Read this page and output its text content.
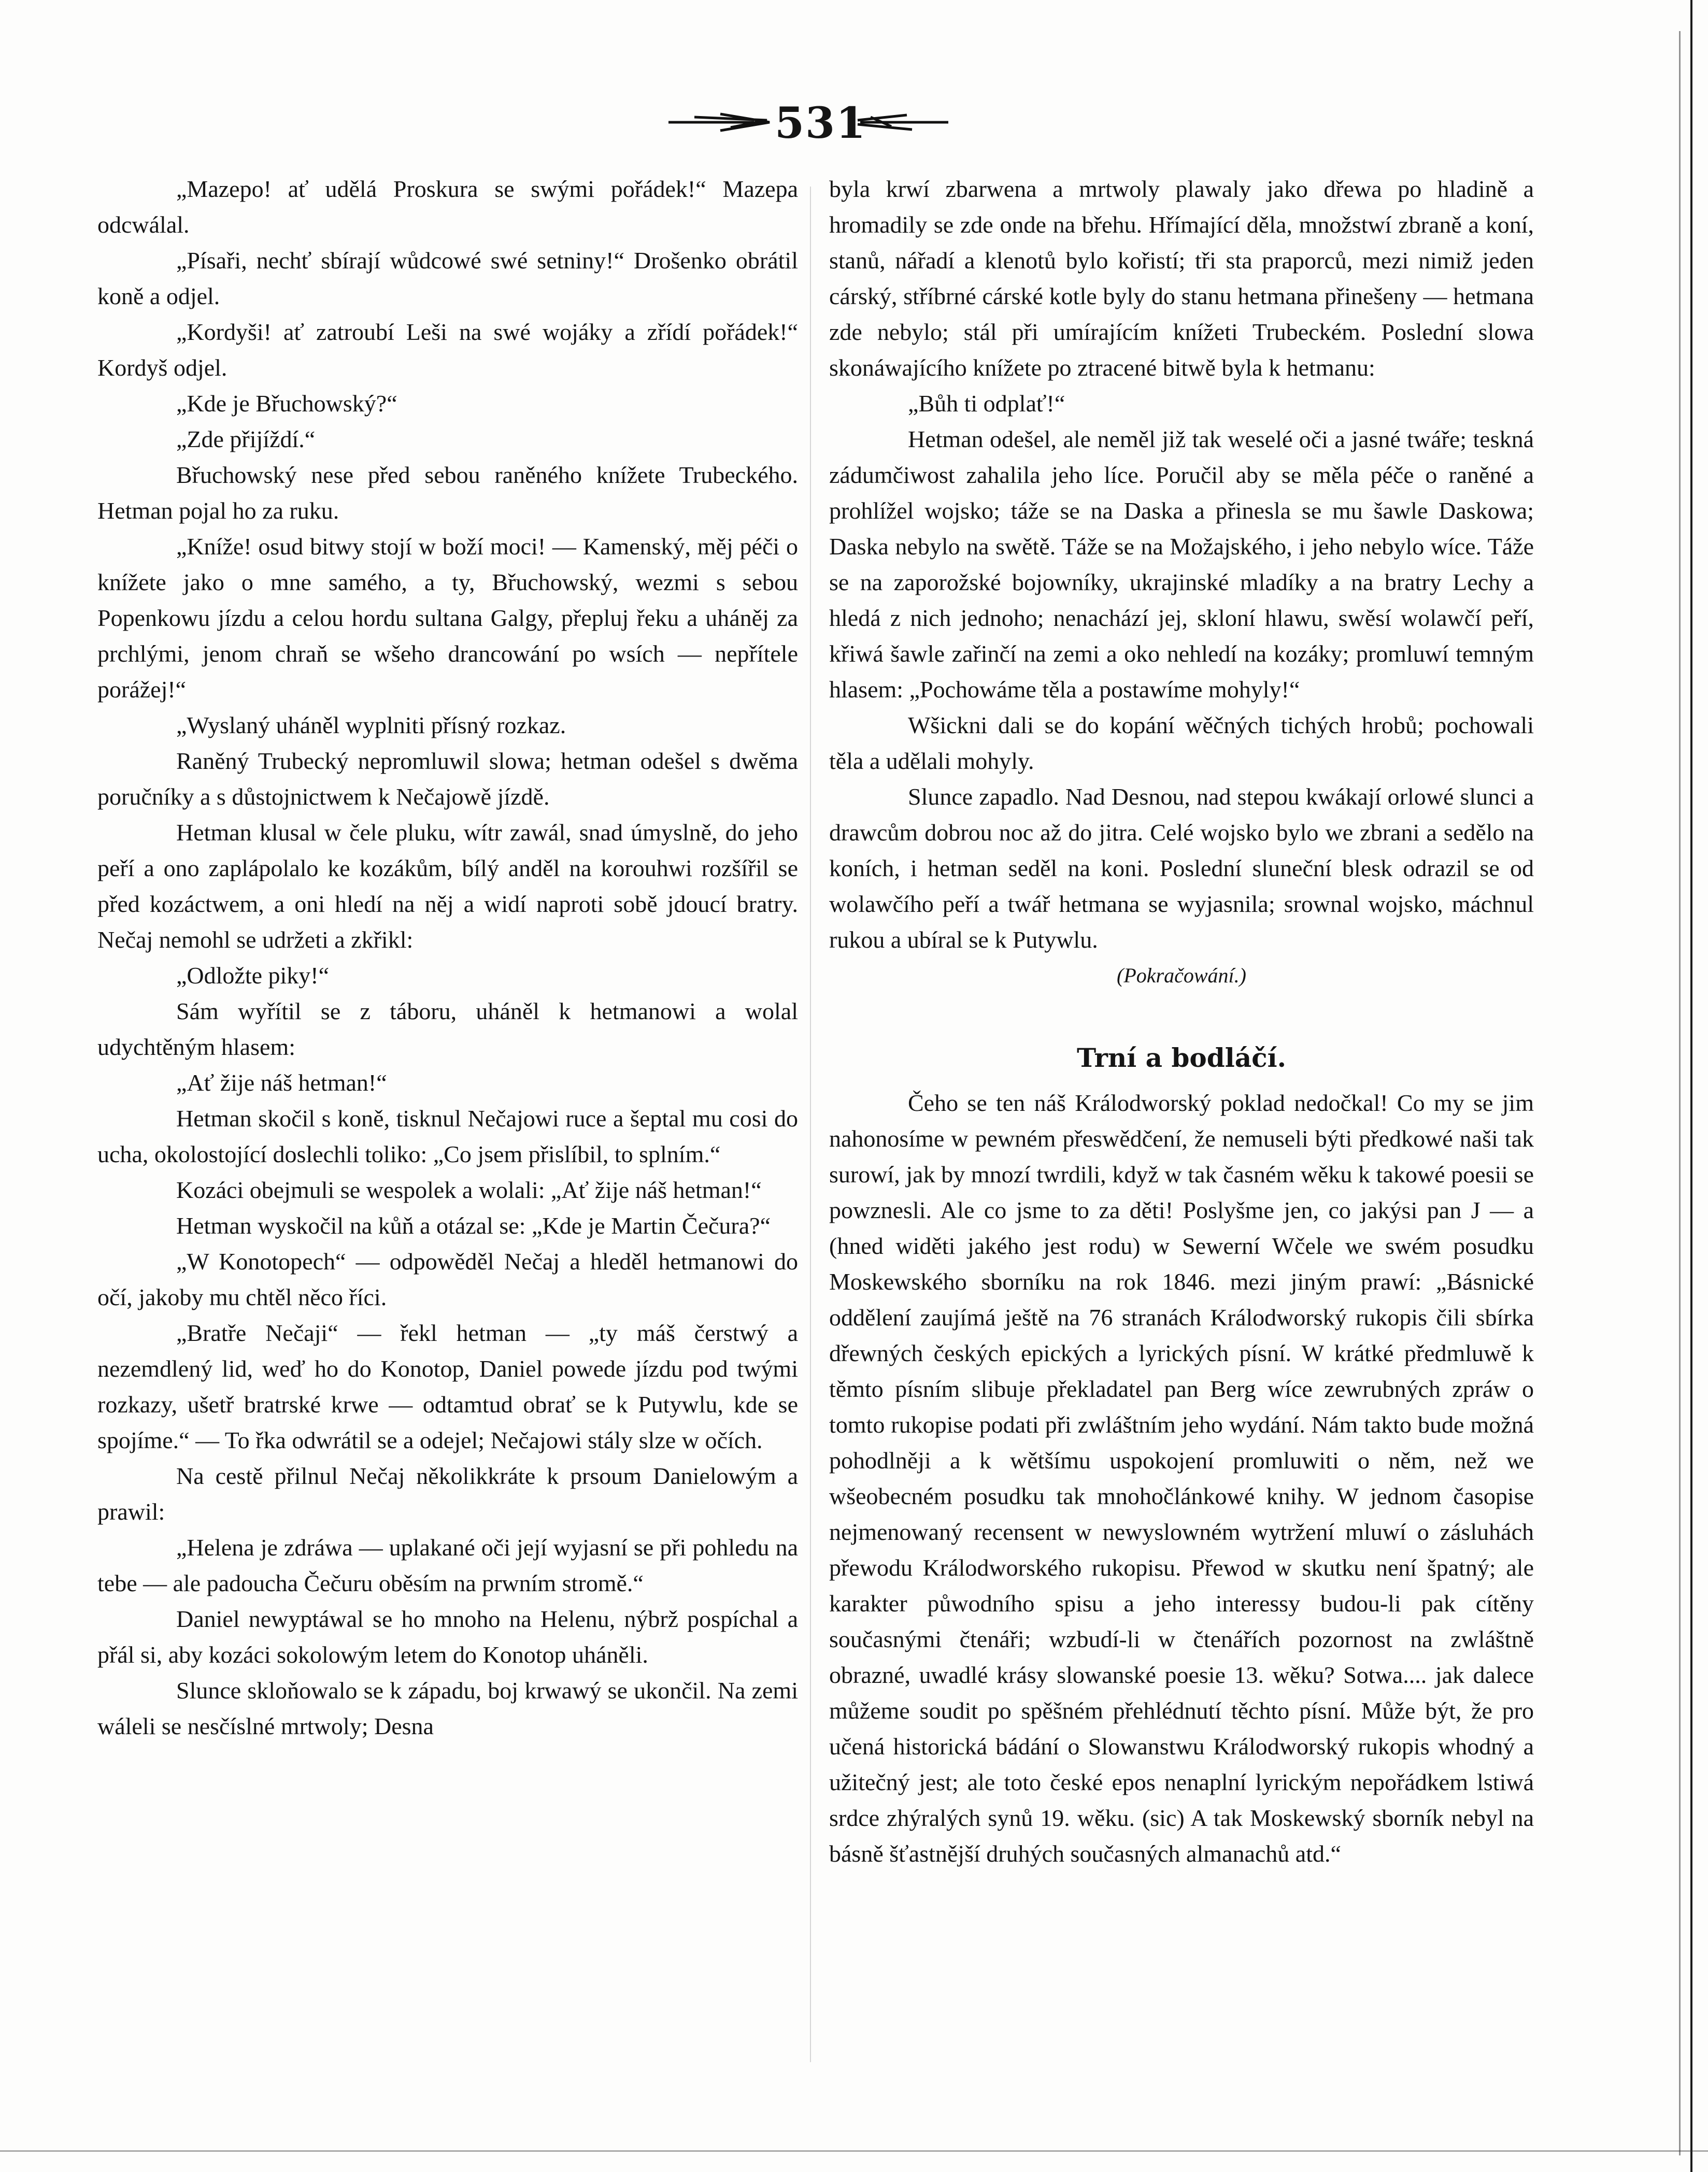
531

„Mazepo! ať udělá Proskura se swými pořádek!“ Mazepa odcwálal.

„Písaři, nechť sbírají wůdcowé swé setniny!“ Drošenko obrátil koně a odjel.

„Kordyši! ať zatroubí Leši na swé wojáky a zřídí pořádek!“ Kordyš odjel.

„Kde je Břuchowský?“

„Zde přijíždí.“

Břuchowský nese před sebou raněného knížete Trubeckého. Hetman pojal ho za ruku.

„Kníže! osud bitwy stojí w boží moci! — Kamenský, měj péči o knížete jako o mne samého, a ty, Břuchowský, wezmi s sebou Popenkowu jízdu a celou hordu sultana Galgy, přepluj řeku a uháněj za prchlými, jenom chraň se wšeho drancowání po wsích — nepřítele porážej!“

„Wyslaný uháněl wyplniti přísný rozkaz.

Raněný Trubecký nepromluwil slowa; hetman odešel s dwěma poručníky a s důstojnictwem k Nečajowě jízdě.

Hetman klusal w čele pluku, wítr zawál, snad úmyslně, do jeho peří a ono zaplápolalo ke kozákům, bílý anděl na korouhwi rozšířil se před kozáctwem, a oni hledí na něj a widí naproti sobě jdoucí bratry. Nečaj nemohl se udržeti a zkřikl:

„Odložte piky!“

Sám wyřítil se z táboru, uháněl k hetmanowi a wolal udychtěným hlasem:

„Ať žije náš hetman!“

Hetman skočil s koně, tisknul Nečajowi ruce a šeptal mu cosi do ucha, okolostojící doslechli toliko: „Co jsem přislíbil, to splním.“

Kozáci obejmuli se wespolek a wolali: „Ať žije náš hetman!“

Hetman wyskočil na kůň a otázal se: „Kde je Martin Čečura?“

„W Konotopech“ — odpowěděl Nečaj a hleděl hetmanowi do očí, jakoby mu chtěl něco říci.

„Bratře Nečaji“ — řekl hetman — „ty máš čerstwý a nezemdlený lid, weď ho do Konotop, Daniel powede jízdu pod twými rozkazy, ušetř bratrské krwe — odtamtud obrať se k Putywlu, kde se spojíme.“ — To řka odwrátil se a odejel; Nečajowi stály slze w očích.

Na cestě přilnul Nečaj několikkráte k prsoum Danielowým a prawil:

„Helena je zdráwa — uplakané oči její wyjasní se při pohledu na tebe — ale padoucha Čečuru oběsím na prwním stromě.“

Daniel newyptáwal se ho mnoho na Helenu, nýbrž pospíchal a přál si, aby kozáci sokolowým letem do Konotop uháněli.

Slunce skloňowalo se k západu, boj krwawý se ukončil. Na zemi wáleli se nesčíslné mrtwoly; Desna

byla krwí zbarwena a mrtwoly plawaly jako dřewa po hladině a hromadily se zde onde na břehu. Hřímající děla, množstwí zbraně a koní, stanů, nářadí a klenotů bylo kořistí; tři sta praporců, mezi nimiž jeden cárský, stříbrné cárské kotle byly do stanu hetmana přinešeny — hetmana zde nebylo; stál při umírajícím knížeti Trubeckém. Poslední slowa skonáwajícího knížete po ztracené bitwě byla k hetmanu:

„Bůh ti odplať!“

Hetman odešel, ale neměl již tak weselé oči a jasné twáře; teskná zádumčiwost zahalila jeho líce. Poručil aby se měla péče o raněné a prohlížel wojsko; táže se na Daska a přinesla se mu šawle Daskowa; Daska nebylo na swětě. Táže se na Možajského, i jeho nebylo wíce. Táže se na zaporožské bojowníky, ukrajinské mladíky a na bratry Lechy a hledá z nich jednoho; nenachází jej, skloní hlawu, swěsí wolawčí peří, křiwá šawle zařinčí na zemi a oko nehledí na kozáky; promluwí temným hlasem: „Pochowáme těla a postawíme mohyly!“

Wšickni dali se do kopání wěčných tichých hrobů; pochowali těla a udělali mohyly.

Slunce zapadlo. Nad Desnou, nad stepou kwákají orlowé slunci a drawcům dobrou noc až do jitra. Celé wojsko bylo we zbrani a sedělo na koních, i hetman seděl na koni. Poslední sluneční blesk odrazil se od wolawčího peří a twář hetmana se wyjasnila; srownal wojsko, máchnul rukou a ubíral se k Putywlu.

(Pokračowání.)

Trní a bodláčí.

Čeho se ten náš Králodworský poklad nedočkal! Co my se jim nahonosíme w pewném přeswědčení, že nemuseli býti předkowé naši tak surowí, jak by mnozí twrdili, když w tak časném wěku k takowé poesii se powznesli. Ale co jsme to za děti! Poslyšme jen, co jakýsi pan J — a (hned widěti jakého jest rodu) w Sewerní Wčele we swém posudku Moskewského sborníku na rok 1846. mezi jiným prawí: „Básnické oddělení zaujímá ještě na 76 stranách Králodworský rukopis čili sbírka dřewných českých epických a lyrických písní. W krátké předmluwě k těmto písním slibuje překladatel pan Berg wíce zewrubných zpráw o tomto rukopise podati při zwláštním jeho wydání. Nám takto bude možná pohodlněji a k wětšímu uspokojení promluwiti o něm, než we wšeobecném posudku tak mnohočlánkowé knihy. W jednom časopise nejmenowaný recensent w newyslowném wytržení mluwí o zásluhách přewodu Králodworského rukopisu. Přewod w skutku není špatný; ale karakter půwodního spisu a jeho interessy budou-li pak cítěny současnými čtenáři; wzbudí-li w čtenářích pozornost na zwláštně obrazné, uwadlé krásy slowanské poesie 13. wěku? Sotwa.... jak dalece můžeme soudit po spěšném přehlédnutí těchto písní. Může být, že pro učená historická bádání o Slowanstwu Králodworský rukopis whodný a užitečný jest; ale toto české epos nenaplní lyrickým nepořádkem lstiwá srdce zhýralých synů 19. wěku. (sic) A tak Moskewský sborník nebyl na básně šťastnější druhých současných almanachů atd.“
